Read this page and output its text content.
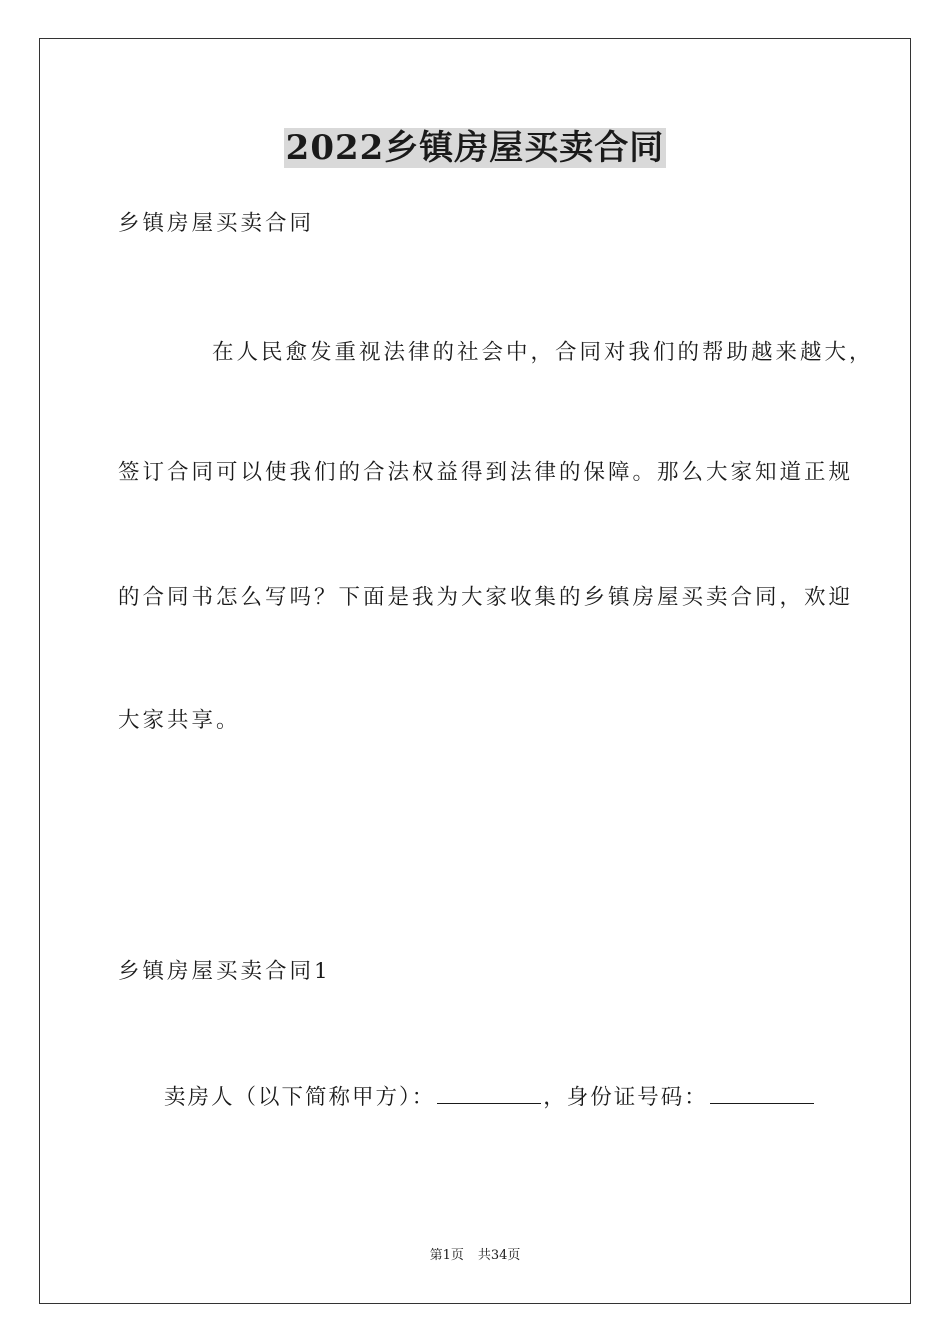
2022乡镇房屋买卖合同
乡镇房屋买卖合同
在人民愈发重视法律的社会中，合同对我们的帮助越来越大，
签订合同可以使我们的合法权益得到法律的保障。那么大家知道正规
的合同书怎么写吗？下面是我为大家收集的乡镇房屋买卖合同，欢迎
大家共享。
乡镇房屋买卖合同1
卖房人（以下简称甲方）：	，身份证号码：
第1页 共34页
